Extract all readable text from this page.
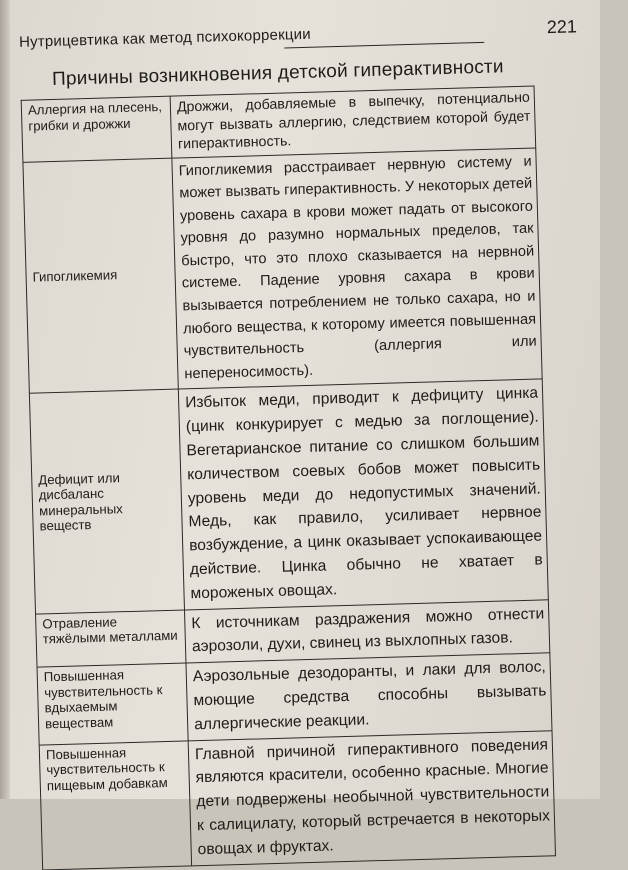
Нутрицевтика как метод психокоррекции	221
Причины возникновения детской гиперактивности
Аллергия на плесень, грибки и дрожжи	Дрожжи, добавляемые в выпечку, потенциально могут вызвать аллергию, следствием которой будет гиперактивность.
Гипогликемия	Гипогликемия расстраивает нервную систему и может вызвать гиперактивность. У некоторых детей уровень сахара в крови может падать от высокого уровня до разумно нормальных пределов, так быстро, что это плохо сказывается на нервной системе. Падение уровня сахара в крови вызывается потреблением не только сахара, но и любого вещества, к которому имеется повышенная чувствительность (аллергия или непереносимость).
Дефицит или дисбаланс минеральных веществ	Избыток меди, приводит к дефициту цинка (цинк конкурирует с медью за поглощение). Вегетарианское питание со слишком большим количеством соевых бобов может повысить уровень меди до недопустимых значений. Медь, как правило, усиливает нервное возбуждение, а цинк оказывает успокаивающее действие. Цинка обычно не хватает в мороженых овощах.
Отравление тяжёлыми металлами	К источникам раздражения можно отнести аэрозоли, духи, свинец из выхлопных газов.
Повышенная чувствительность к вдыхаемым веществам	Аэрозольные дезодоранты, и лаки для волос, моющие средства способны вызывать аллергические реакции.
Повышенная чувствительность к пищевым добавкам	Главной причиной гиперактивного поведения являются красители, особенно красные. Многие дети подвержены необычной чувствительности к салицилату, который встречается в некоторых овощах и фруктах.
